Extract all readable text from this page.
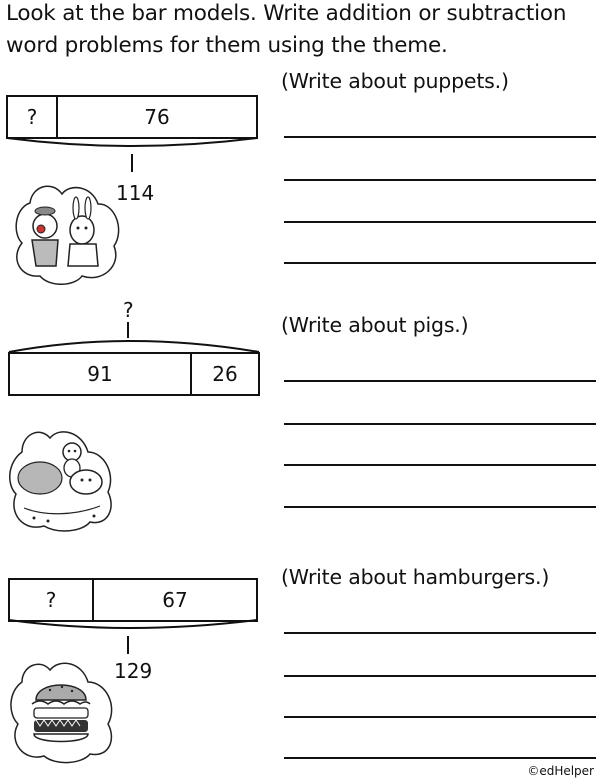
Look at the bar models. Write addition or subtraction word problems for them using the theme.
?	76
114
(Write about puppets.)
?
91	26
(Write about pigs.)
?	67
129
(Write about hamburgers.)
©edHelper
